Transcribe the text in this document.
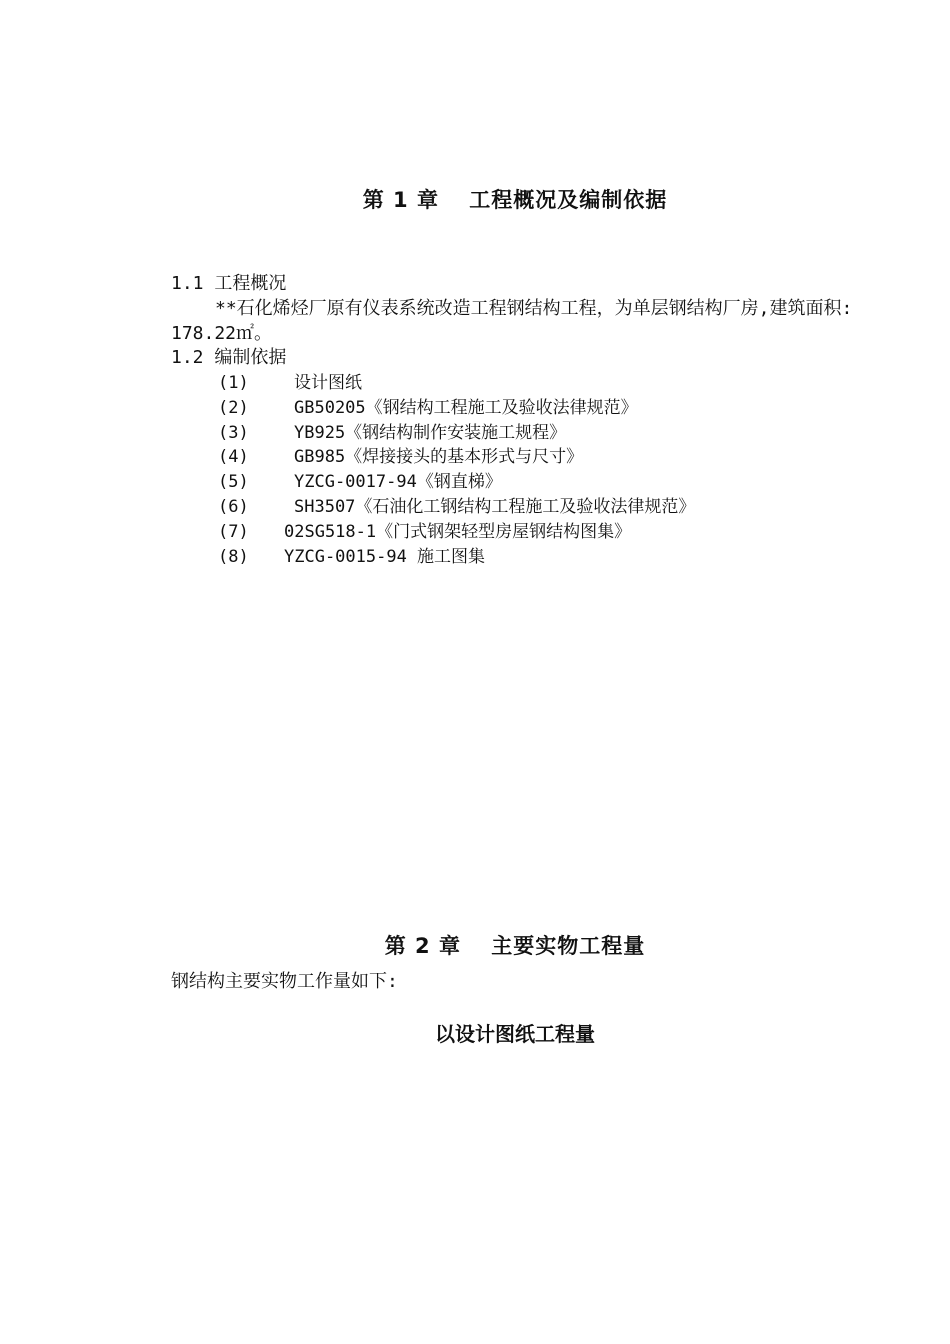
第 1 章　 工程概况及编制依据
1.1 工程概况
**石化烯烃厂原有仪表系统改造工程钢结构工程，为单层钢结构厂房,建筑面积: 178.22㎡。
1.2 编制依据
(1)	设计图纸
(2)	GB50205《钢结构工程施工及验收法律规范》
(3)	YB925《钢结构制作安装施工规程》
(4)	GB985《焊接接头的基本形式与尺寸》
(5)	YZCG-0017-94《钢直梯》
(6)	SH3507《石油化工钢结构工程施工及验收法律规范》
(7)	02SG518-1《门式钢架轻型房屋钢结构图集》
(8)	YZCG-0015-94 施工图集
第 2 章　 主要实物工程量
钢结构主要实物工作量如下:
以设计图纸工程量
